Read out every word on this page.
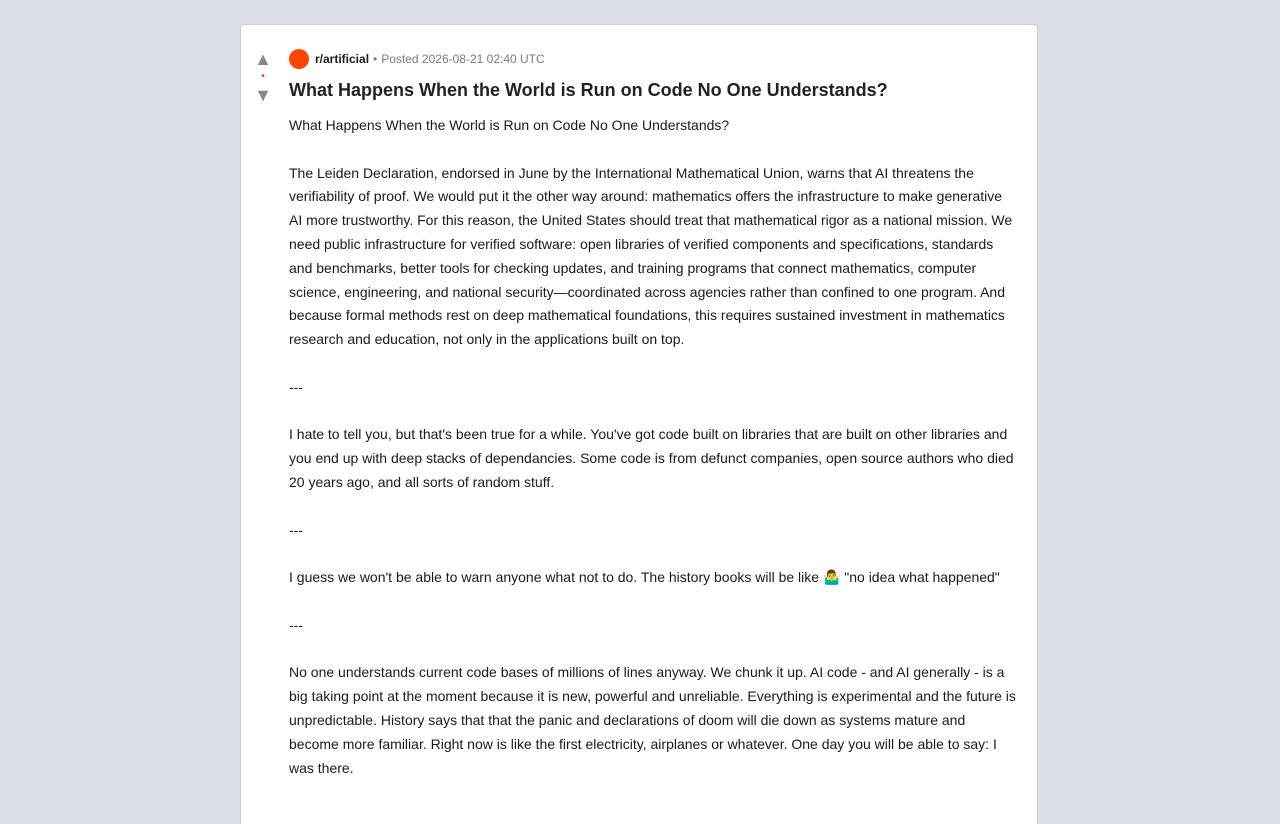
▲
•
▼
r/artificial • Posted 2026-08-21 02:40 UTC
What Happens When the World is Run on Code No One Understands?

What Happens When the World is Run on Code No One Understands?

The Leiden Declaration, endorsed in June by the International Mathematical Union, warns that AI threatens the verifiability of proof. We would put it the other way around: mathematics offers the infrastructure to make generative AI more trustworthy. For this reason, the United States should treat that mathematical rigor as a national mission. We need public infrastructure for verified software: open libraries of verified components and specifications, standards and benchmarks, better tools for checking updates, and training programs that connect mathematics, computer science, engineering, and national security—coordinated across agencies rather than confined to one program. And because formal methods rest on deep mathematical foundations, this requires sustained investment in mathematics research and education, not only in the applications built on top.

---

I hate to tell you, but that's been true for a while. You've got code built on libraries that are built on other libraries and you end up with deep stacks of dependancies. Some code is from defunct companies, open source authors who died 20 years ago, and all sorts of random stuff.

---

I guess we won't be able to warn anyone what not to do. The history books will be like 🤷‍♂️ "no idea what happened"

---

No one understands current code bases of millions of lines anyway. We chunk it up. AI code - and AI generally - is a big taking point at the moment because it is new, powerful and unreliable. Everything is experimental and the future is unpredictable. History says that that the panic and declarations of doom will die down as systems mature and become more familiar. Right now is like the first electricity, airplanes or whatever. One day you will be able to say: I was there.
